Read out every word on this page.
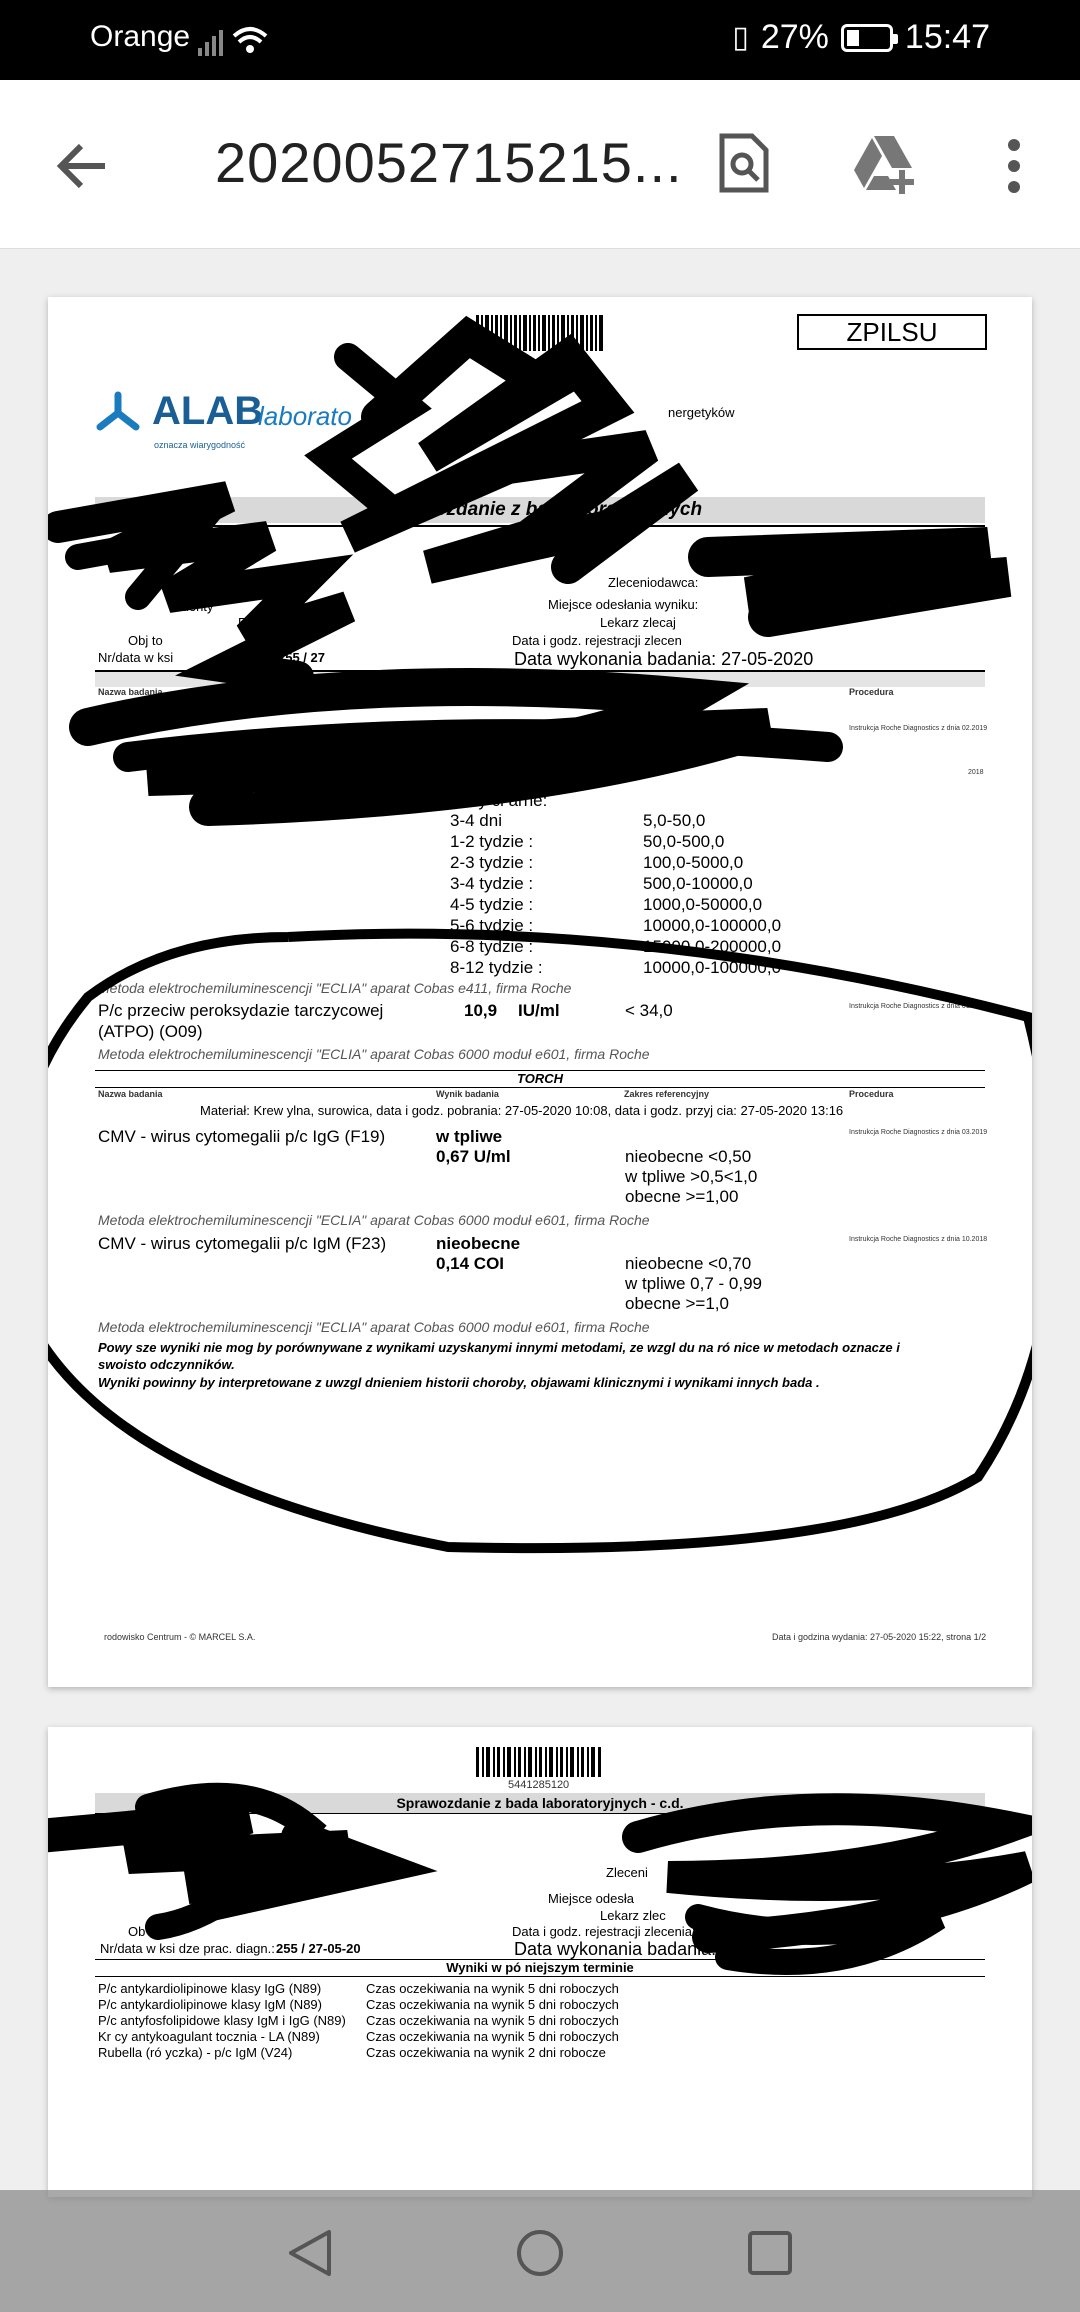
Orange	▯ 27% 15:47
2020052715215...
ZPILSU
ALAB
laborato
oznacza wiarygodność
nergetyków
Sprawozdanie z bad aboratoryjnych
Zleceniodawca:
Miejsce odesłania wyniku:
Identy
Płe :	Lekarz zlecaj
Obj to	Data i godz. rejestracji zlecen
Nr/data w ksi	255 / 27	Data wykonania badania: 27-05-2020
Immunochemia
Nazwa badania	Wynik badania	Zakres referencyjny	Procedura
* TSH	Instrukcja Roche Diagnostics z dnia 02.2019
2018
kobiety ci arne:
Metoda elektrochemiluminescencji "ECLIA" aparat Cobas e411, firma Roche
P/c przeciw peroksydazie tarczycowej
(ATPO) (O09)
10,9 IU/ml	< 34,0	Instrukcja Roche Diagnostics z dnia 01.2019
Metoda elektrochemiluminescencji "ECLIA" aparat Cobas 6000 moduł e601, firma Roche
TORCH
Nazwa badania	Wynik badania	Zakres referencyjny	Procedura
Materiał: Krew ylna, surowica, data i godz. pobrania: 27-05-2020 10:08, data i godz. przyj cia: 27-05-2020 13:16
CMV - wirus cytomegalii p/c IgG (F19)	w tpliwe
0,67 U/ml	nieobecne <0,50
w tpliwe >0,5<1,0
obecne >=1,00
Instrukcja Roche Diagnostics z dnia 03.2019
Metoda elektrochemiluminescencji "ECLIA" aparat Cobas 6000 moduł e601, firma Roche
CMV - wirus cytomegalii p/c IgM (F23)	nieobecne
0,14 COI	nieobecne <0,70
w tpliwe 0,7 - 0,99
obecne >=1,0
Instrukcja Roche Diagnostics z dnia 10.2018
Metoda elektrochemiluminescencji "ECLIA" aparat Cobas 6000 moduł e601, firma Roche
Powy sze wyniki nie mog by porównywane z wynikami uzyskanymi innymi metodami, ze wzgl du na ró nice w metodach oznacze i
swoisto odczynników.
Wyniki powinny by interpretowane z uwzgl dnieniem historii choroby, objawami klinicznymi i wynikami innych bada .
rodowisko Centrum - © MARCEL S.A.	Data i godzina wydania: 27-05-2020 15:22, strona 1/2
3-4 dni	5,0-50,0
1-2 tydzie :	50,0-500,0
2-3 tydzie :	100,0-5000,0
3-4 tydzie :	500,0-10000,0
4-5 tydzie :	1000,0-50000,0
5-6 tydzie :	10000,0-100000,0
6-8 tydzie :	15000,0-200000,0
8-12 tydzie :	10000,0-100000,0
5441285120
Sprawozdanie z bada laboratoryjnych - c.d.
Zleceni
Miejsce odesła
Lekarz zlec
Ob	Data i godz. rejestracji zlecenia:	20 10:14
Nr/data w ksi dze prac. diagn.: 255 / 27-05-20	Data wykonania badania: 2
Wyniki w pó niejszym terminie
P/c antykardiolipinowe klasy IgG (N89)	Czas oczekiwania na wynik 5 dni roboczych
P/c antykardiolipinowe klasy IgM (N89)	Czas oczekiwania na wynik 5 dni roboczych
P/c antyfosfolipidowe klasy IgM i IgG (N89) Czas oczekiwania na wynik 5 dni roboczych
Kr cy antykoagulant tocznia - LA (N89)	Czas oczekiwania na wynik 5 dni roboczych
Rubella (ró yczka) - p/c IgM (V24)	Czas oczekiwania na wynik 2 dni robocze
